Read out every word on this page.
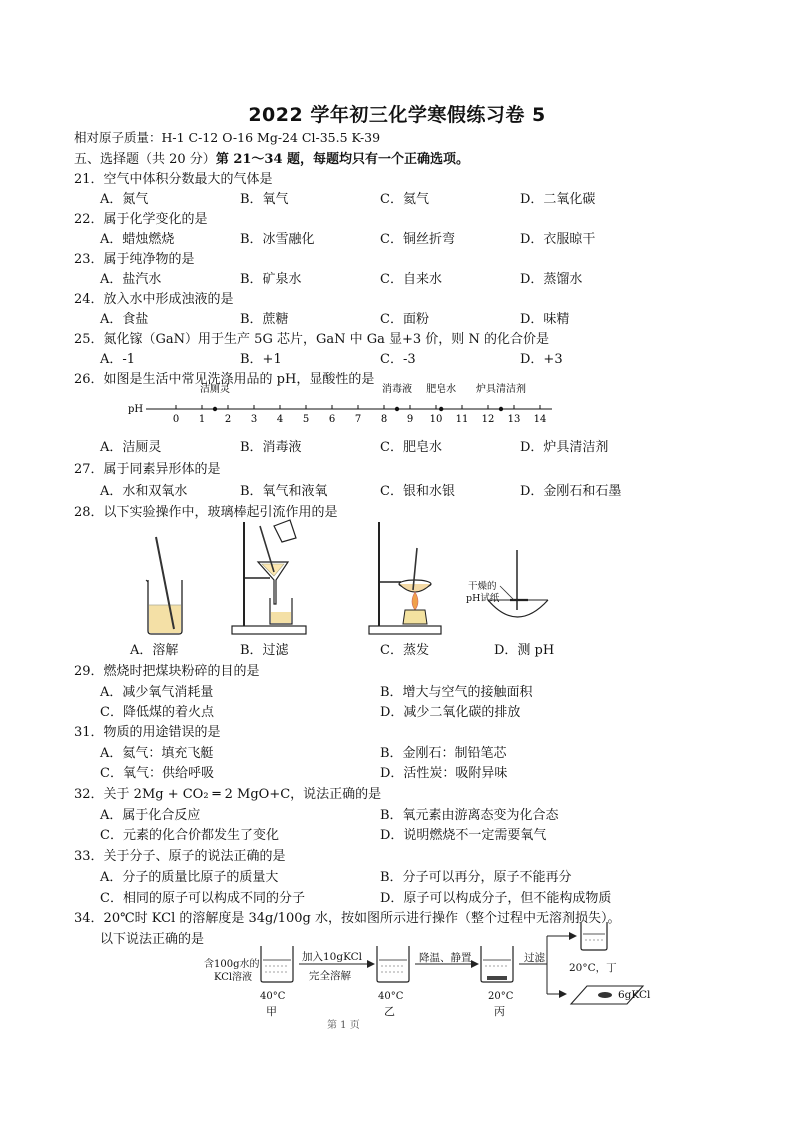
2022 学年初三化学寒假练习卷 5
相对原子质量：H-1 C-12 O-16 Mg-24 Cl-35.5 K-39
五、选择题（共 20 分）第 21～34 题，每题均只有一个正确选项。
21．空气中体积分数最大的气体是
A．氮气	B．氧气	C．氦气	D．二氧化碳
22．属于化学变化的是
A．蜡烛燃烧	B．冰雪融化	C．铜丝折弯	D．衣服晾干
23．属于纯净物的是
A．盐汽水	B．矿泉水	C．自来水	D．蒸馏水
24．放入水中形成浊液的是
A．食盐	B．蔗糖	C．面粉	D．味精
25．氮化镓（GaN）用于生产 5G 芯片，GaN 中 Ga 显+3 价，则 N 的化合价是
A．-1	B．+1	C．-3	D．+3
26．如图是生活中常见洗涤用品的 pH，显酸性的是
pH
0 1 2 3 4 5 6 7 8 9 10 11 12 13 14
洁厕灵	消毒液 肥皂水 炉具清洁剂
A．洁厕灵	B．消毒液	C．肥皂水	D．炉具清洁剂
27．属于同素异形体的是
A．水和双氧水	B．氧气和液氧	C．银和水银	D．金刚石和石墨
28．以下实验操作中，玻璃棒起引流作用的是
干燥的
pH试纸
A．溶解	B．过滤	C．蒸发	D．测 pH
29．燃烧时把煤块粉碎的目的是
A．减少氧气消耗量	B．增大与空气的接触面积
C．降低煤的着火点	D．减少二氧化碳的排放
31．物质的用途错误的是
A．氦气：填充飞艇	B．金刚石：制铅笔芯
C．氧气：供给呼吸	D．活性炭：吸附异味
32．关于 2Mg + CO₂ ═ 2 MgO+C，说法正确的是
A．属于化合反应	B．氧元素由游离态变为化合态
C．元素的化合价都发生了变化	D．说明燃烧不一定需要氧气
33．关于分子、原子的说法正确的是
A．分子的质量比原子的质量大	B．分子可以再分，原子不能再分
C．相同的原子可以构成不同的分子	D．原子可以构成分子，但不能构成物质
34．20℃时 KCl 的溶解度是 34g/100g 水，按如图所示进行操作（整个过程中无溶剂损失）。
以下说法正确的是
含100g水的
KCl溶液
加入10gKCl
完全溶解
降温、静置	过滤
40°C
甲
40°C
乙
20°C
丙
20°C，丁
6gKCl
第 1 页
